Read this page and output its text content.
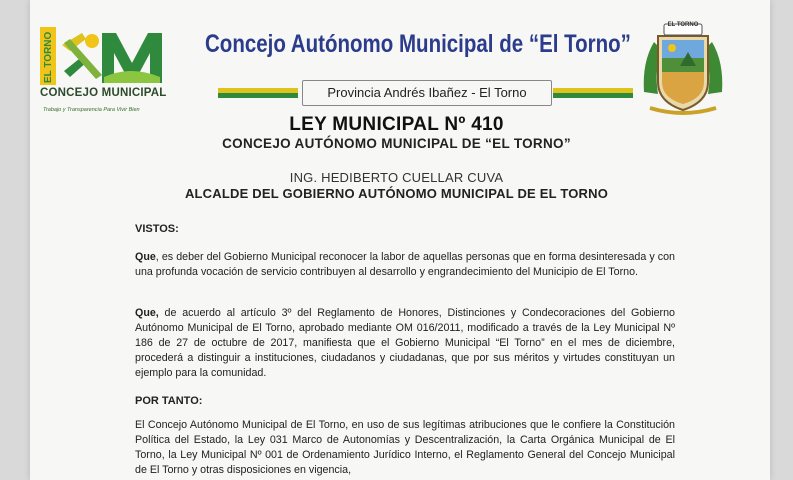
EL TORNO
CONCEJO MUNICIPAL
Trabajo y Transparencia Para Vivir Bien
Concejo Autónomo Municipal de “El Torno”
Provincia Andrés Ibañez - El Torno
EL TORNO
LEY MUNICIPAL Nº 410
CONCEJO AUTÓNOMO MUNICIPAL DE “EL TORNO”
ING. HEDIBERTO CUELLAR CUVA
ALCALDE DEL GOBIERNO AUTÓNOMO MUNICIPAL DE EL TORNO
VISTOS:
Que, es deber del Gobierno Municipal reconocer la labor de aquellas personas que en forma desinteresada y con una profunda vocación de servicio contribuyen al desarrollo y engrandecimiento del Municipio de El Torno.
Que, de acuerdo al artículo 3º del Reglamento de Honores, Distinciones y Condecoraciones del Gobierno Autónomo Municipal de El Torno, aprobado mediante OM 016/2011, modificado a través de la Ley Municipal Nº 186 de 27 de octubre de 2017, manifiesta que el Gobierno Municipal “El Torno” en el mes de diciembre, procederá a distinguir a instituciones, ciudadanos y ciudadanas, que por sus méritos y virtudes constituyan un ejemplo para la comunidad.
POR TANTO:
El Concejo Autónomo Municipal de El Torno, en uso de sus legítimas atribuciones que le confiere la Constitución Política del Estado, la Ley 031 Marco de Autonomías y Descentralización, la Carta Orgánica Municipal de El Torno, la Ley Municipal Nº 001 de Ordenamiento Jurídico Interno, el Reglamento General del Concejo Municipal de El Torno y otras disposiciones en vigencia,
